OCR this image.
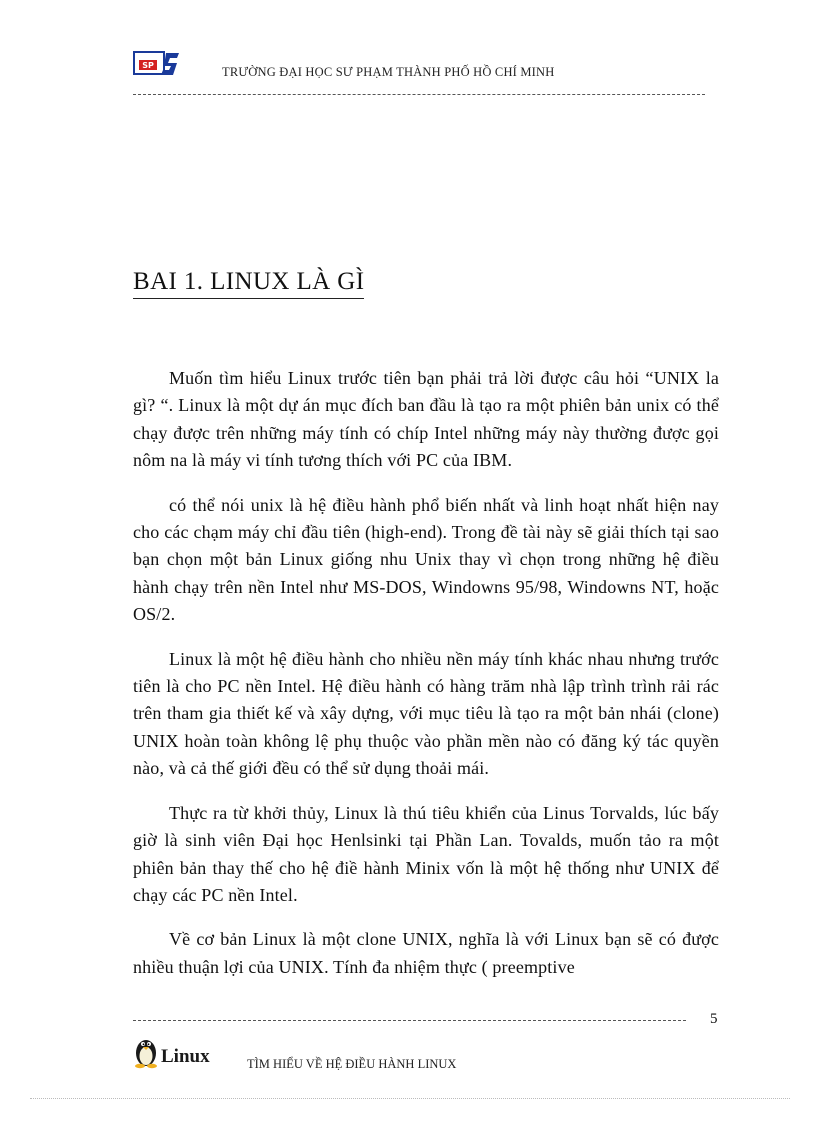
SP	TRƯỜNG ĐẠI HỌC SƯ PHẠM THÀNH PHỐ HỒ CHÍ MINH
BAI 1. LINUX LÀ GÌ

Muốn tìm hiểu Linux trước tiên bạn phải trả lời được câu hỏi “UNIX la gì? “. Linux là một dự án mục đích ban đầu là tạo ra một phiên bản unix có thể chạy được trên những máy tính có chíp Intel những máy này thường được gọi nôm na là máy vi tính tương thích với PC của IBM.

có thể nói unix là hệ điều hành phổ biến nhất và linh hoạt nhất hiện nay cho các chạm máy chỉ đầu tiên (high-end). Trong đề tài này sẽ giải thích tại sao bạn chọn một bản Linux giống nhu Unix thay vì chọn trong những hệ điều hành chạy trên nền Intel như MS-DOS, Windowns 95/98, Windowns NT, hoặc OS/2.

Linux là một hệ điều hành cho nhiều nền máy tính khác nhau nhưng trước tiên là cho PC nền Intel. Hệ điều hành có hàng trăm nhà lập trình trình rải rác trên tham gia thiết kế và xây dựng, với mục tiêu là tạo ra một bản nhái (clone) UNIX hoàn toàn không lệ phụ thuộc vào phần mền nào có đăng ký tác quyền nào, và cả thế giới đều có thể sử dụng thoải mái.

Thực ra từ khởi thủy, Linux là thú tiêu khiển của Linus Torvalds, lúc bấy giờ là sinh viên Đại học Henlsinki tại Phần Lan. Tovalds, muốn tảo ra một phiên bản thay thế cho hệ điề hành Minix vốn là một hệ thống như UNIX để chạy các PC nền Intel.

Về cơ bản Linux là một clone UNIX, nghĩa là với Linux bạn sẽ có được nhiều thuận lợi của UNIX. Tính đa nhiệm thực ( preemptive

5
Linux	TÌM HIỂU VỀ HỆ ĐIỀU HÀNH LINUX
